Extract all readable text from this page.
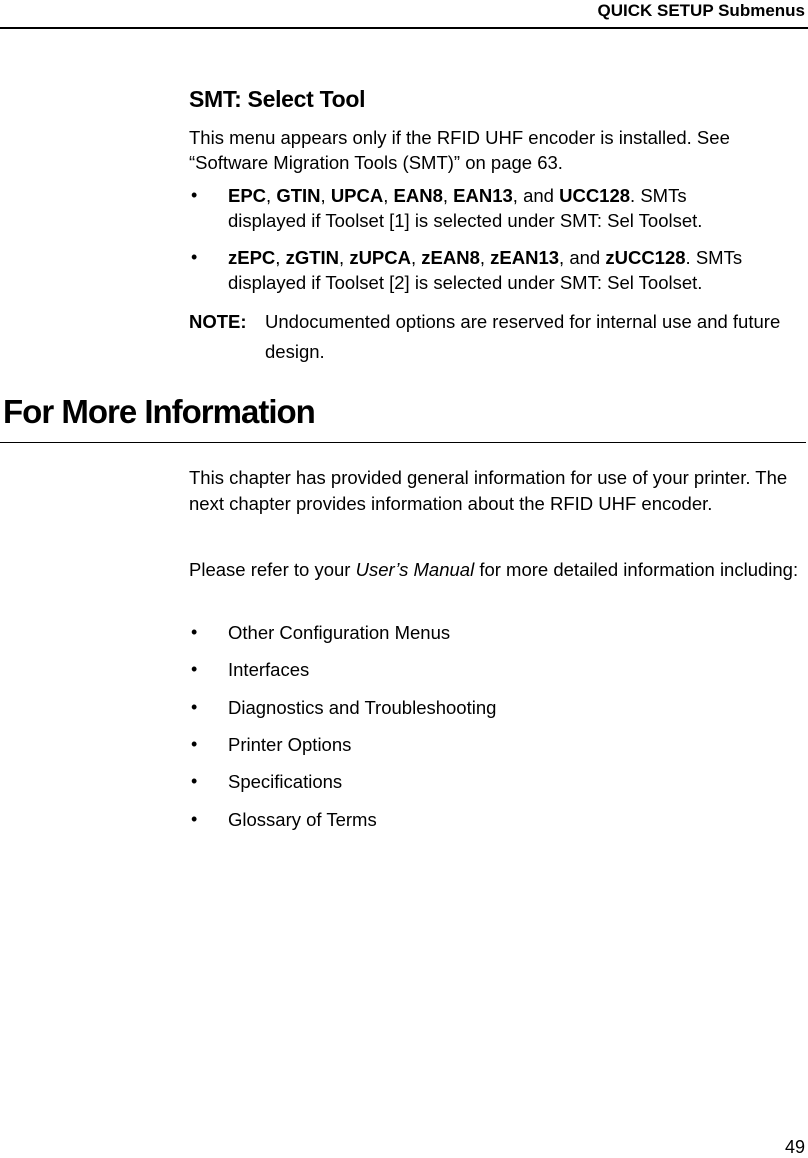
QUICK SETUP Submenus
SMT: Select Tool
This menu appears only if the RFID UHF encoder is installed. See
“Software Migration Tools (SMT)” on page 63.
• EPC, GTIN, UPCA, EAN8, EAN13, and UCC128. SMTs
displayed if Toolset [1] is selected under SMT: Sel Toolset.
• zEPC, zGTIN, zUPCA, zEAN8, zEAN13, and zUCC128. SMTs
displayed if Toolset [2] is selected under SMT: Sel Toolset.
NOTE: Undocumented options are reserved for internal use and future design.
For More Information
This chapter has provided general information for use of your printer. The next chapter provides information about the RFID UHF encoder.
Please refer to your User’s Manual for more detailed information including:
• Other Configuration Menus
• Interfaces
• Diagnostics and Troubleshooting
• Printer Options
• Specifications
• Glossary of Terms
49
